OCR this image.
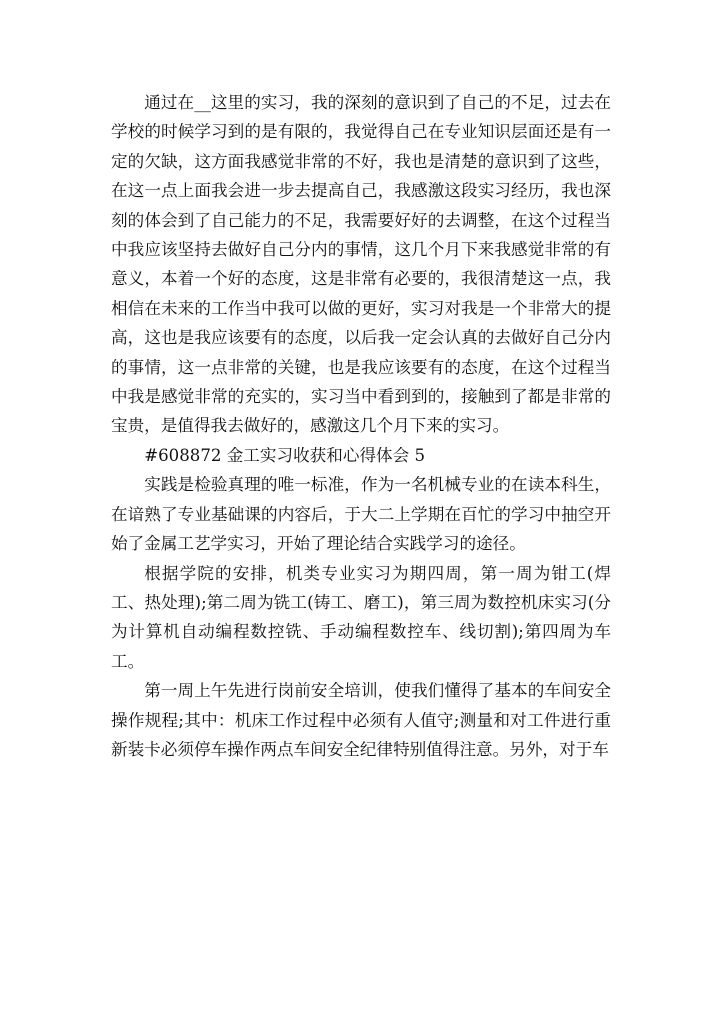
通过在__这里的实习，我的深刻的意识到了自己的不足，过去在学校的时候学习到的是有限的，我觉得自己在专业知识层面还是有一定的欠缺，这方面我感觉非常的不好，我也是清楚的意识到了这些，在这一点上面我会进一步去提高自己，我感激这段实习经历，我也深刻的体会到了自己能力的不足，我需要好好的去调整，在这个过程当中我应该坚持去做好自己分内的事情，这几个月下来我感觉非常的有意义，本着一个好的态度，这是非常有必要的，我很清楚这一点，我相信在未来的工作当中我可以做的更好，实习对我是一个非常大的提高，这也是我应该要有的态度，以后我一定会认真的去做好自己分内的事情，这一点非常的关键，也是我应该要有的态度，在这个过程当中我是感觉非常的充实的，实习当中看到到的，接触到了都是非常的宝贵，是值得我去做好的，感激这几个月下来的实习。

#608872 金工实习收获和心得体会 5

实践是检验真理的唯一标准，作为一名机械专业的在读本科生，在谙熟了专业基础课的内容后，于大二上学期在百忙的学习中抽空开始了金属工艺学实习，开始了理论结合实践学习的途径。

根据学院的安排，机类专业实习为期四周，第一周为钳工(焊工、热处理);第二周为铣工(铸工、磨工)，第三周为数控机床实习(分为计算机自动编程数控铣、手动编程数控车、线切割);第四周为车工。

第一周上午先进行岗前安全培训，使我们懂得了基本的车间安全操作规程;其中：机床工作过程中必须有人值守;测量和对工件进行重新装卡必须停车操作两点车间安全纪律特别值得注意。另外，对于车
